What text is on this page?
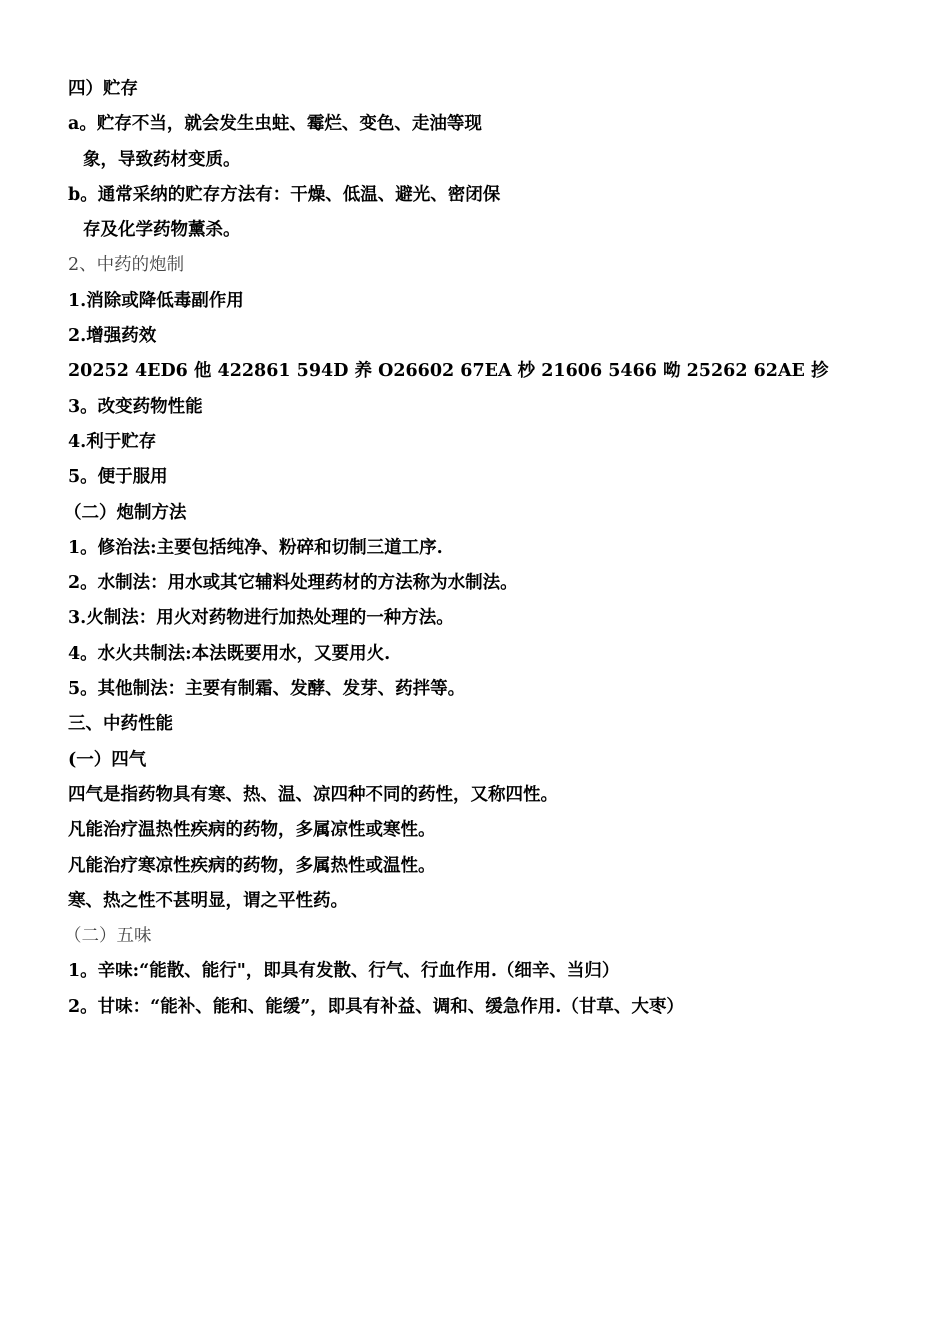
四）贮存
a。贮存不当，就会发生虫蛀、霉烂、变色、走油等现
象，导致药材变质。
b。通常采纳的贮存方法有：干燥、低温、避光、密闭保
存及化学药物薰杀。
2、中药的炮制
1.消除或降低毒副作用
2.增强药效
20252 4ED6 他 422861 594D 养 O26602 67EA 杪 21606 5466 呦 25262 62AE 抮
3。改变药物性能
4.利于贮存
5。便于服用
（二）炮制方法
1。修治法:主要包括纯净、粉碎和切制三道工序.
2。水制法：用水或其它辅料处理药材的方法称为水制法。
3.火制法：用火对药物进行加热处理的一种方法。
4。水火共制法:本法既要用水，又要用火.
5。其他制法：主要有制霜、发酵、发芽、药拌等。
三、中药性能
(一）四气
四气是指药物具有寒、热、温、凉四种不同的药性，又称四性。
凡能治疗温热性疾病的药物，多属凉性或寒性。
凡能治疗寒凉性疾病的药物，多属热性或温性。
寒、热之性不甚明显，谓之平性药。
（二）五味
1。辛味:“能散、能行"，即具有发散、行气、行血作用.（细辛、当归）
2。甘味：“能补、能和、能缓”，即具有补益、调和、缓急作用.（甘草、大枣）
